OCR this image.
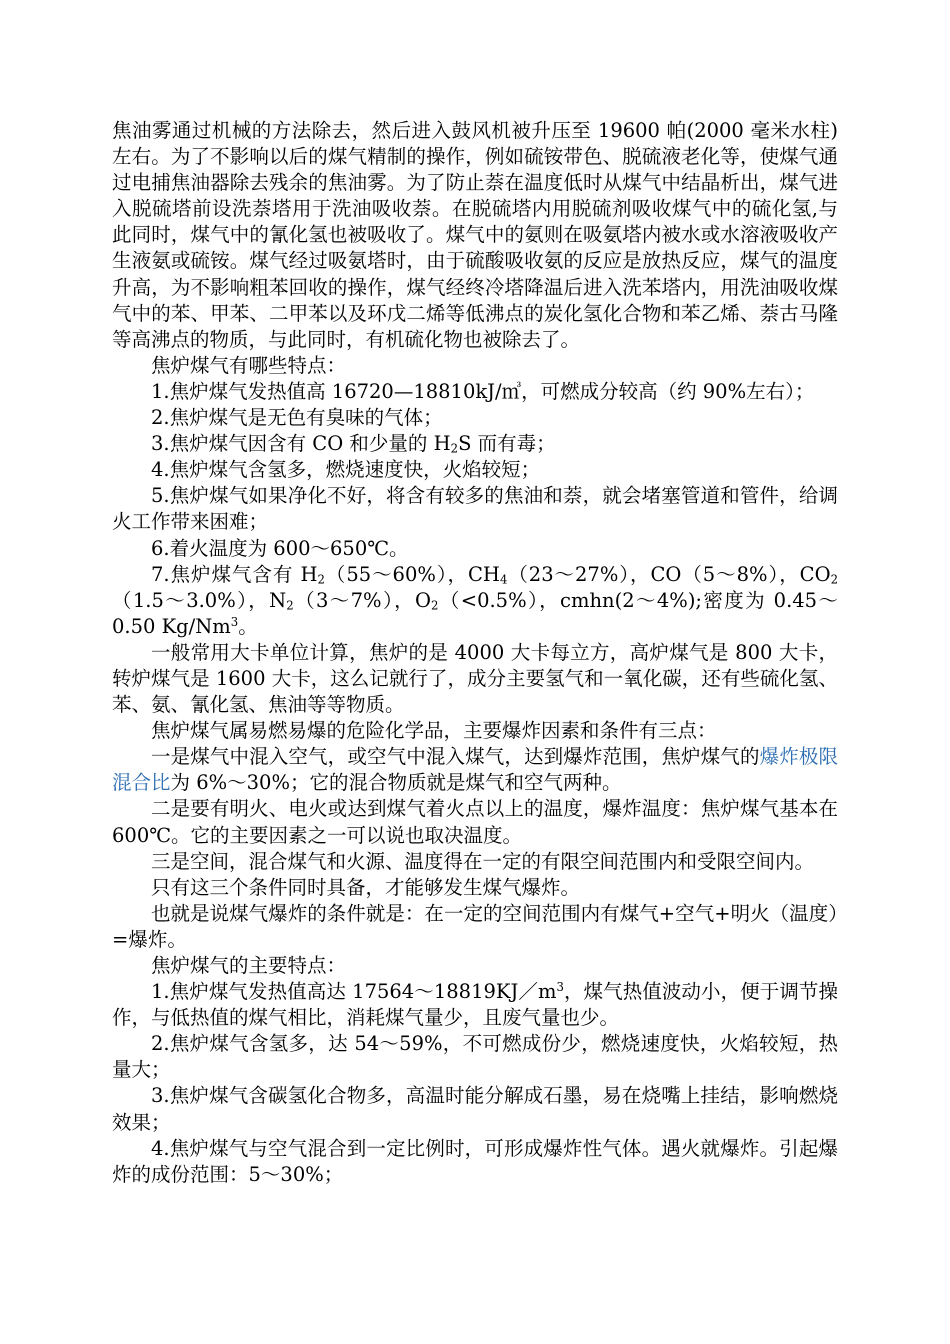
焦油雾通过机械的方法除去，然后进入鼓风机被升压至 19600 帕(2000 毫米水柱)左右。为了不影响以后的煤气精制的操作，例如硫铵带色、脱硫液老化等，使煤气通过电捕焦油器除去残余的焦油雾。为了防止萘在温度低时从煤气中结晶析出，煤气进入脱硫塔前设洗萘塔用于洗油吸收萘。在脱硫塔内用脱硫剂吸收煤气中的硫化氢,与此同时，煤气中的氰化氢也被吸收了。煤气中的氨则在吸氨塔内被水或水溶液吸收产生液氨或硫铵。煤气经过吸氨塔时，由于硫酸吸收氨的反应是放热反应，煤气的温度升高，为不影响粗苯回收的操作，煤气经终冷塔降温后进入洗苯塔内，用洗油吸收煤气中的苯、甲苯、二甲苯以及环戊二烯等低沸点的炭化氢化合物和苯乙烯、萘古马隆等高沸点的物质，与此同时，有机硫化物也被除去了。

焦炉煤气有哪些特点：

1.焦炉煤气发热值高 16720—18810kJ/㎥，可燃成分较高（约 90%左右）；

2.焦炉煤气是无色有臭味的气体；

3.焦炉煤气因含有 CO 和少量的 $H_2S$ 而有毒；

4.焦炉煤气含氢多，燃烧速度快，火焰较短；

5.焦炉煤气如果净化不好，将含有较多的焦油和萘，就会堵塞管道和管件，给调火工作带来困难；

6.着火温度为 600～650℃。

7.焦炉煤气含有 $H_2(55\sim 60\%)$，$CH_4(23\sim 27\%)$，CO（5～8%），$CO_2(1.5\sim 3.0\%)$，$N_2(3\sim 7\%)$，$O_2(<0.5\%)$，cmhn(2～4%);密度为 0.45～0.50 Kg/Nm$^3$。

一般常用大卡单位计算，焦炉的是 4000 大卡每立方，高炉煤气是 800 大卡，转炉煤气是 1600 大卡，这么记就行了，成分主要氢气和一氧化碳，还有些硫化氢、苯、氨、氰化氢、焦油等等物质。

焦炉煤气属易燃易爆的危险化学品，主要爆炸因素和条件有三点：

一是煤气中混入空气，或空气中混入煤气，达到爆炸范围，焦炉煤气的爆炸极限混合比为 6%～30%；它的混合物质就是煤气和空气两种。

二是要有明火、电火或达到煤气着火点以上的温度，爆炸温度：焦炉煤气基本在 600℃。它的主要因素之一可以说也取决温度。

三是空间，混合煤气和火源、温度得在一定的有限空间范围内和受限空间内。

只有这三个条件同时具备，才能够发生煤气爆炸。

也就是说煤气爆炸的条件就是：在一定的空间范围内有煤气+空气+明火（温度）=爆炸。

焦炉煤气的主要特点：

1.焦炉煤气发热值高达 $17564\sim 18819KJ/m^3$，煤气热值波动小，便于调节操作，与低热值的煤气相比，消耗煤气量少，且废气量也少。

2.焦炉煤气含氢多，达 54～59%，不可燃成份少，燃烧速度快，火焰较短，热量大；

3.焦炉煤气含碳氢化合物多，高温时能分解成石墨，易在烧嘴上挂结，影响燃烧效果；

4.焦炉煤气与空气混合到一定比例时，可形成爆炸性气体。遇火就爆炸。引起爆炸的成份范围：5～30%；
